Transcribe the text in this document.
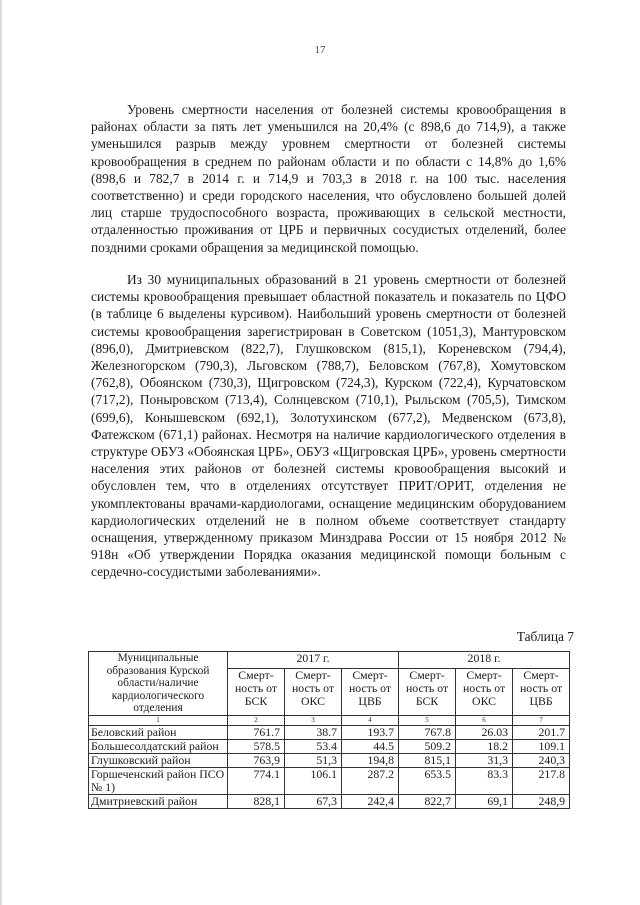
17

Уровень смертности населения от болезней системы кровообращения в районах области за пять лет уменьшился на 20,4% (с 898,6 до 714,9), а также уменьшился разрыв между уровнем смертности от болезней системы кровообращения в среднем по районам области и по области с 14,8% до 1,6% (898,6 и 782,7 в 2014 г. и 714,9 и 703,3 в 2018 г. на 100 тыс. населения соответственно) и среди городского населения, что обусловлено большей долей лиц старше трудоспособного возраста, проживающих в сельской местности, отдаленностью проживания от ЦРБ и первичных сосудистых отделений, более поздними сроками обращения за медицинской помощью.

Из 30 муниципальных образований в 21 уровень смертности от болезней системы кровообращения превышает областной показатель и показатель по ЦФО (в таблице 6 выделены курсивом). Наибольший уровень смертности от болезней системы кровообращения зарегистрирован в Советском (1051,3), Мантуровском (896,0), Дмитриевском (822,7), Глушковском (815,1), Кореневском (794,4), Железногорском (790,3), Льговском (788,7), Беловском (767,8), Хомутовском (762,8), Обоянском (730,3), Щигровском (724,3), Курском (722,4), Курчатовском (717,2), Поныровском (713,4), Солнцевском (710,1), Рыльском (705,5), Тимском (699,6), Конышевском (692,1), Золотухинском (677,2), Медвенском (673,8), Фатежском (671,1) районах. Несмотря на наличие кардиологического отделения в структуре ОБУЗ «Обоянская ЦРБ», ОБУЗ «Щигровская ЦРБ», уровень смертности населения этих районов от болезней системы кровообращения высокий и обусловлен тем, что в отделениях отсутствует ПРИТ/ОРИТ, отделения не укомплектованы врачами-кардиологами, оснащение медицинским оборудованием кардиологических отделений не в полном объеме соответствует стандарту оснащения, утвержденному приказом Минздрава России от 15 ноября 2012 № 918н «Об утверждении Порядка оказания медицинской помощи больным с сердечно-сосудистыми заболеваниями».

Таблица 7
Муниципальные образования Курской области/наличие кардиологического отделения	2017 г.			2018 г.		
	Смерт-ность от БСК	Смерт-ность от ОКС	Смерт-ность от ЦВБ	Смерт-ность от БСК	Смерт-ность от ОКС	Смерт-ность от ЦВБ
1	2	3	4	5	6	7
Беловский район	761.7	38.7	193.7	767.8	26.03	201.7
Большесолдатский район	578.5	53.4	44.5	509.2	18.2	109.1
Глушковский район	763,9	51,3	194,8	815,1	31,3	240,3
Горшеченский район ПСО № 1)	774.1	106.1	287.2	653.5	83.3	217.8
Дмитриевский район	828,1	67,3	242,4	822,7	69,1	248,9
